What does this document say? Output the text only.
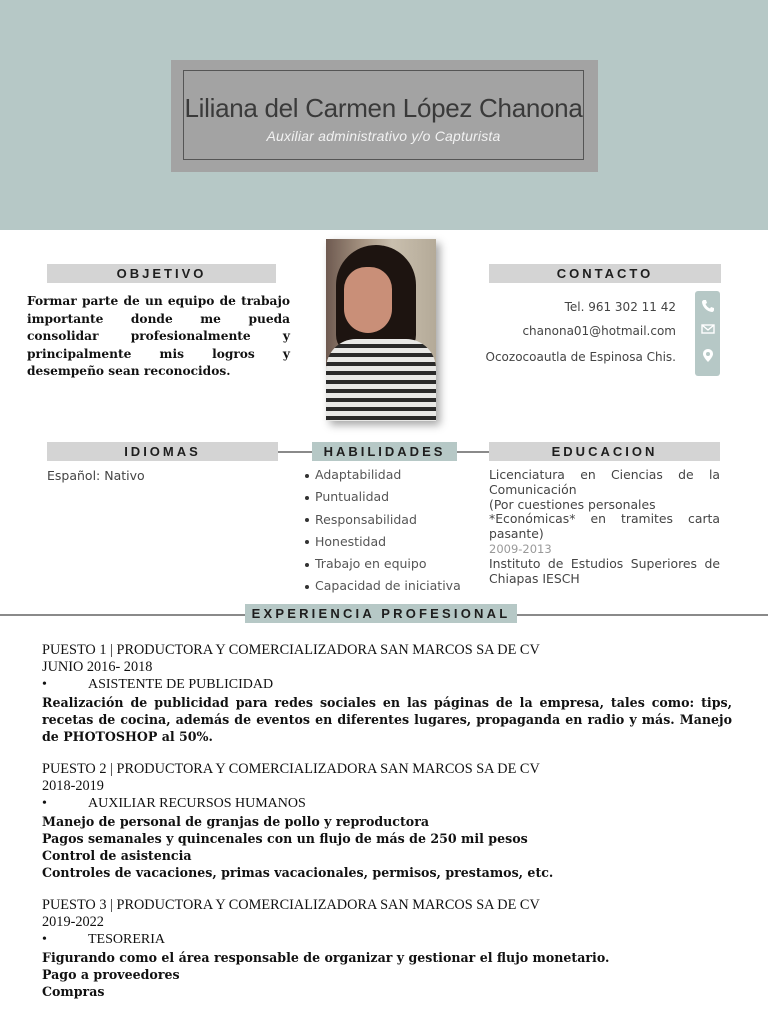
Liliana del Carmen López Chanona
Auxiliar administrativo y/o Capturista
OBJETIVO
Formar parte de un equipo de trabajo importante donde me pueda consolidar profesionalmente y principalmente mis logros y desempeño sean reconocidos.
CONTACTO
Tel. 961 302 11 42
chanona01@hotmail.com
Ocozocoautla de Espinosa Chis.
IDIOMAS	HABILIDADES	EDUCACION
Español: Nativo	Adaptabilidad
Puntualidad
Responsabilidad
Honestidad
Trabajo en equipo
Capacidad de iniciativa
Licenciatura en Ciencias de la
Comunicación
(Por cuestiones personales
*Económicas* en tramites carta
pasante)
2009-2013
Instituto de Estudios Superiores de
Chiapas IESCH
EXPERIENCIA PROFESIONAL
PUESTO 1 | PRODUCTORA Y COMERCIALIZADORA SAN MARCOS SA DE CV
JUNIO 2016- 2018
•	ASISTENTE DE PUBLICIDAD
Realización de publicidad para redes sociales en las páginas de la empresa, tales como: tips, recetas de cocina, además de eventos en diferentes lugares, propaganda en radio y más. Manejo de PHOTOSHOP al 50%.
PUESTO 2 | PRODUCTORA Y COMERCIALIZADORA SAN MARCOS SA DE CV
2018-2019
•	AUXILIAR RECURSOS HUMANOS
Manejo de personal de granjas de pollo y reproductora
Pagos semanales y quincenales con un flujo de más de 250 mil pesos
Control de asistencia
Controles de vacaciones, primas vacacionales, permisos, prestamos, etc.
PUESTO 3 | PRODUCTORA Y COMERCIALIZADORA SAN MARCOS SA DE CV
2019-2022
•	TESORERIA
Figurando como el área responsable de organizar y gestionar el flujo monetario.
Pago a proveedores
Compras
